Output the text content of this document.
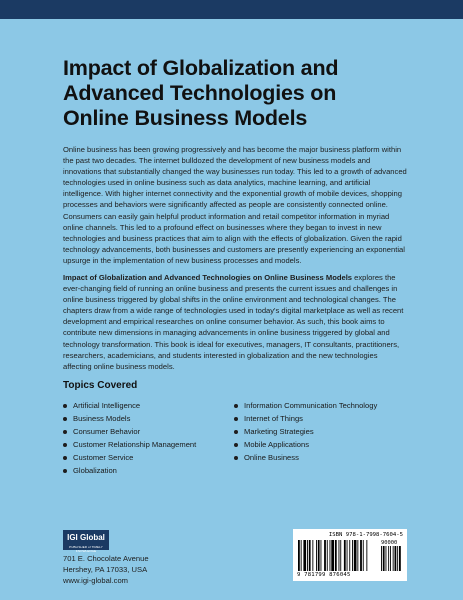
Impact of Globalization and
Advanced Technologies on
Online Business Models

Online business has been growing progressively and has become the major business platform within the past two decades. The internet bulldozed the development of new business models and innovations that substantially changed the way businesses run today. This led to a growth of advanced technologies used in online business such as data analytics, machine learning, and artificial intelligence. With higher internet connectivity and the exponential growth of mobile devices, shopping processes and behaviors were significantly affected as people are consistently connected online. Consumers can easily gain helpful product information and retail competitor information in myriad online channels. This led to a profound effect on businesses where they began to invest in new technologies and business practices that aim to align with the effects of globalization. Given the rapid technology advancements, both businesses and customers are presently experiencing an exponential upsurge in the implementation of new business processes and models.

Impact of Globalization and Advanced Technologies on Online Business Models explores the ever-changing field of running an online business and presents the current issues and challenges in online business triggered by global shifts in the online environment and technological changes. The chapters draw from a wide range of technologies used in today's digital marketplace as well as recent development and empirical researches on online consumer behavior. As such, this book aims to contribute new dimensions in managing advancements in online business triggered by global and technology transformation. This book is ideal for executives, managers, IT consultants, practitioners, researchers, academicians, and students interested in globalization and the new technologies affecting online business models.

Topics Covered
Artificial Intelligence
Business Models
Consumer Behavior
Customer Relationship Management
Customer Service
Globalization
Information Communication Technology
Internet of Things
Marketing Strategies
Mobile Applications
Online Business
IGI Global
PUBLISHER of TIMELY KNOWLEDGE
701 E. Chocolate Avenue
Hershey, PA 17033, USA
www.igi-global.com
ISBN 978-1-7998-7604-5
90000
9 781799 876045
